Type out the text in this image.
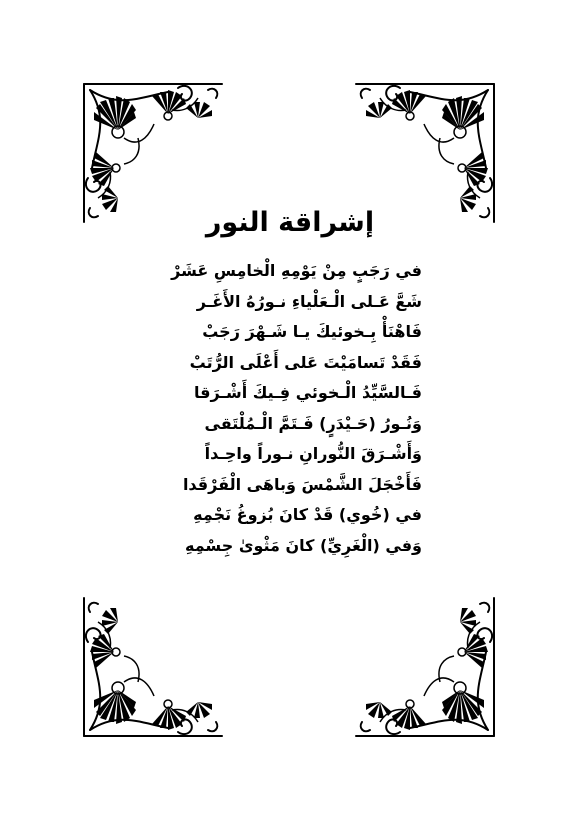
إشراقة النور
في رَجَبٍ مِنْ يَوْمِهِ الْخامِسِ عَشَرْ
شَعَّ عَـلى الْـعَلْياءِ نـورُهُ الأَغَـر
فَاهْنَأْ بِـخوئيكَ يـا شَـهْرَ رَجَبْ
فَقَدْ تَسامَيْتَ عَلى أَعْلَى الرُّتَبْ
فَـالسَّيِّدُ الْـخوئي فِـيكَ أَشْـرَقا
وَنُـورُ (حَـيْدَرٍ) فَـتَمَّ الْـمُلْتَقى
وَأَشْـرَقَ النُّورانِ نـوراً واحِـداً
فَأَخْجَلَ الشَّمْسَ وَباهَى الْفَرْقَدا
في (خُوي) قَدْ كانَ بُزوغُ نَجْمِهِ
وَفي (الْغَرِيِّ) كانَ مَثْوىٰ جِسْمِهِ
